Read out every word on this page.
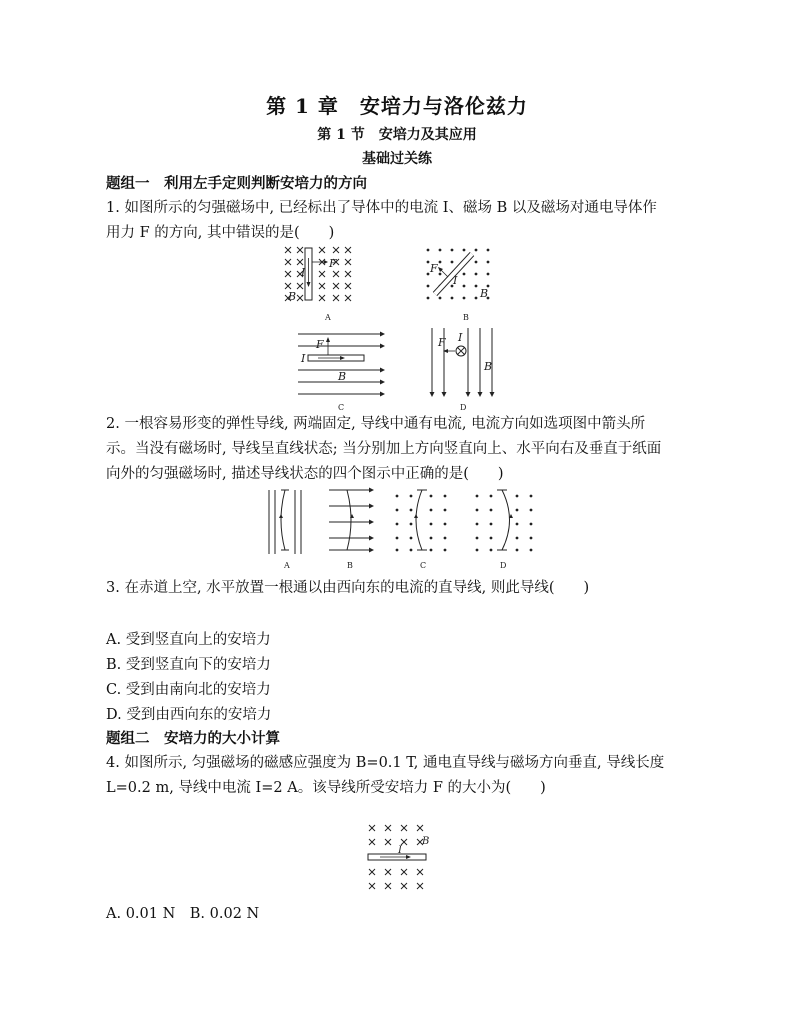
第 1 章　安培力与洛伦兹力
第 1 节　安培力及其应用
基础过关练
题组一　利用左手定则判断安培力的方向
1. 如图所示的匀强磁场中, 已经标出了导体中的电流 I、磁场 B 以及磁场对通电导体作用力 F 的方向, 其中错误的是(　　)
F
I
B
A
F
I
B
B
F
I
B
C
F I
B
D
2. 一根容易形变的弹性导线, 两端固定, 导线中通有电流, 电流方向如选项图中箭头所示。当没有磁场时, 导线呈直线状态; 当分别加上方向竖直向上、水平向右及垂直于纸面向外的匀强磁场时, 描述导线状态的四个图示中正确的是(　　)
A	B	C	D
3. 在赤道上空, 水平放置一根通以由西向东的电流的直导线, 则此导线(　　)
A. 受到竖直向上的安培力
B. 受到竖直向下的安培力
C. 受到由南向北的安培力
D. 受到由西向东的安培力
题组二　安培力的大小计算
4. 如图所示, 匀强磁场的磁感应强度为 B=0.1 T, 通电直导线与磁场方向垂直, 导线长度 L=0.2 m, 导线中电流 I=2 A。该导线所受安培力 F 的大小为(　　)
I
B
A. 0.01 N　B. 0.02 N
